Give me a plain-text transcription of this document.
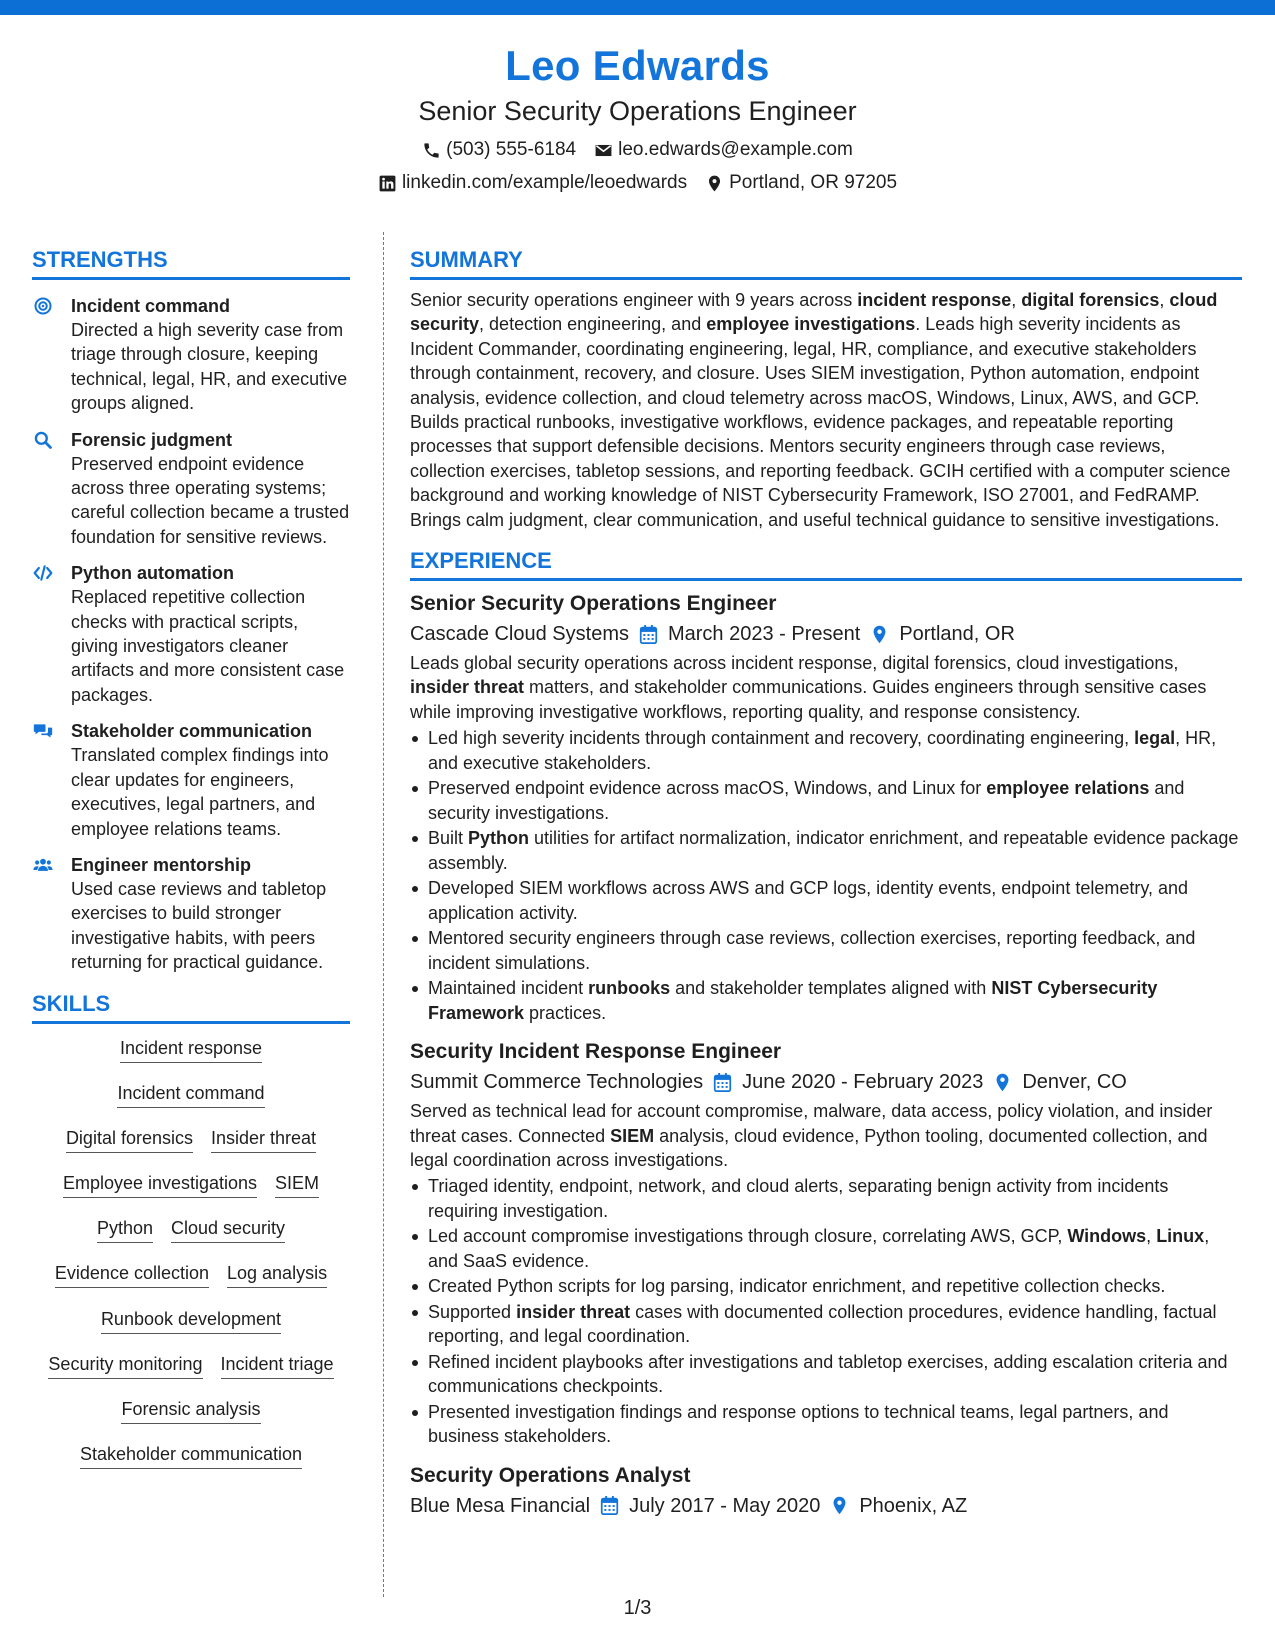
Leo Edwards
Senior Security Operations Engineer
(503) 555-6184 leo.edwards@example.com
linkedin.com/example/leoedwards Portland, OR 97205
STRENGTHS
Incident command
Directed a high severity case from triage through closure, keeping technical, legal, HR, and executive groups aligned.
Forensic judgment
Preserved endpoint evidence across three operating systems; careful collection became a trusted foundation for sensitive reviews.
Python automation
Replaced repetitive collection checks with practical scripts, giving investigators cleaner artifacts and more consistent case packages.
Stakeholder communication
Translated complex findings into clear updates for engineers, executives, legal partners, and employee relations teams.
Engineer mentorship
Used case reviews and tabletop exercises to build stronger investigative habits, with peers returning for practical guidance.
SKILLS
Incident response
Incident command
Digital forensics Insider threat
Employee investigations SIEM
Python Cloud security
Evidence collection Log analysis
Runbook development
Security monitoring Incident triage
Forensic analysis
Stakeholder communication
SUMMARY
Senior security operations engineer with 9 years across incident response, digital forensics, cloud security, detection engineering, and employee investigations. Leads high severity incidents as Incident Commander, coordinating engineering, legal, HR, compliance, and executive stakeholders through containment, recovery, and closure. Uses SIEM investigation, Python automation, endpoint analysis, evidence collection, and cloud telemetry across macOS, Windows, Linux, AWS, and GCP. Builds practical runbooks, investigative workflows, evidence packages, and repeatable reporting processes that support defensible decisions. Mentors security engineers through case reviews, collection exercises, tabletop sessions, and reporting feedback. GCIH certified with a computer science background and working knowledge of NIST Cybersecurity Framework, ISO 27001, and FedRAMP. Brings calm judgment, clear communication, and useful technical guidance to sensitive investigations.
EXPERIENCE
Senior Security Operations Engineer
Cascade Cloud Systems March 2023 - Present Portland, OR
Leads global security operations across incident response, digital forensics, cloud investigations, insider threat matters, and stakeholder communications. Guides engineers through sensitive cases while improving investigative workflows, reporting quality, and response consistency.
Led high severity incidents through containment and recovery, coordinating engineering, legal, HR, and executive stakeholders.
Preserved endpoint evidence across macOS, Windows, and Linux for employee relations and security investigations.
Built Python utilities for artifact normalization, indicator enrichment, and repeatable evidence package assembly.
Developed SIEM workflows across AWS and GCP logs, identity events, endpoint telemetry, and application activity.
Mentored security engineers through case reviews, collection exercises, reporting feedback, and incident simulations.
Maintained incident runbooks and stakeholder templates aligned with NIST Cybersecurity Framework practices.
Security Incident Response Engineer
Summit Commerce Technologies June 2020 - February 2023 Denver, CO
Served as technical lead for account compromise, malware, data access, policy violation, and insider threat cases. Connected SIEM analysis, cloud evidence, Python tooling, documented collection, and legal coordination across investigations.
Triaged identity, endpoint, network, and cloud alerts, separating benign activity from incidents requiring investigation.
Led account compromise investigations through closure, correlating AWS, GCP, Windows, Linux, and SaaS evidence.
Created Python scripts for log parsing, indicator enrichment, and repetitive collection checks.
Supported insider threat cases with documented collection procedures, evidence handling, factual reporting, and legal coordination.
Refined incident playbooks after investigations and tabletop exercises, adding escalation criteria and communications checkpoints.
Presented investigation findings and response options to technical teams, legal partners, and business stakeholders.
Security Operations Analyst
Blue Mesa Financial July 2017 - May 2020 Phoenix, AZ
1/3
